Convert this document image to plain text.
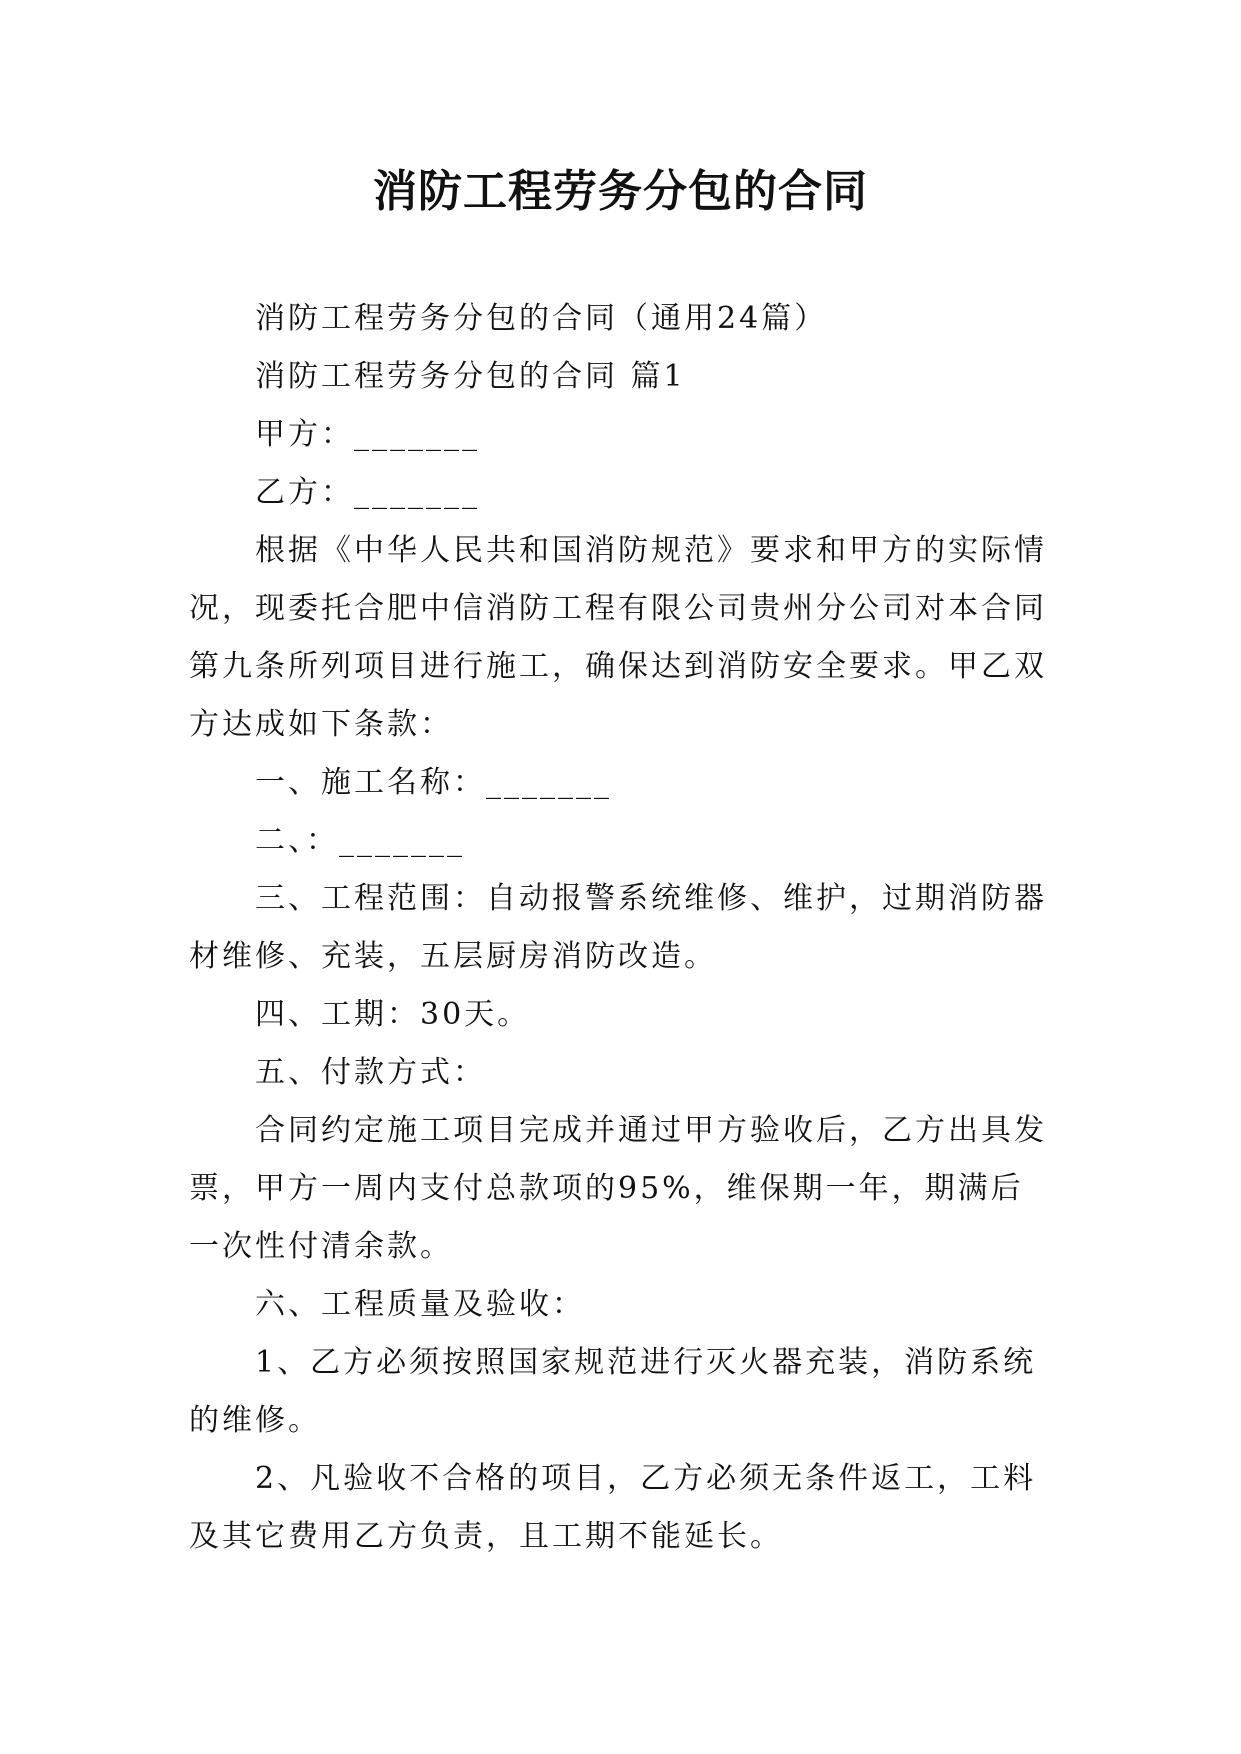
消防工程劳务分包的合同

消防工程劳务分包的合同（通用24篇）

消防工程劳务分包的合同 篇1

甲方：_______

乙方：_______

根据《中华人民共和国消防规范》要求和甲方的实际情况，现委托合肥中信消防工程有限公司贵州分公司对本合同第九条所列项目进行施工，确保达到消防安全要求。甲乙双方达成如下条款：

一、施工名称：_______

二、：_______

三、工程范围：自动报警系统维修、维护，过期消防器材维修、充装，五层厨房消防改造。

四、工期：30天。

五、付款方式：

合同约定施工项目完成并通过甲方验收后，乙方出具发票，甲方一周内支付总款项的95%，维保期一年，期满后一次性付清余款。

六、工程质量及验收：

1、乙方必须按照国家规范进行灭火器充装，消防系统的维修。

2、凡验收不合格的项目，乙方必须无条件返工，工料及其它费用乙方负责，且工期不能延长。
